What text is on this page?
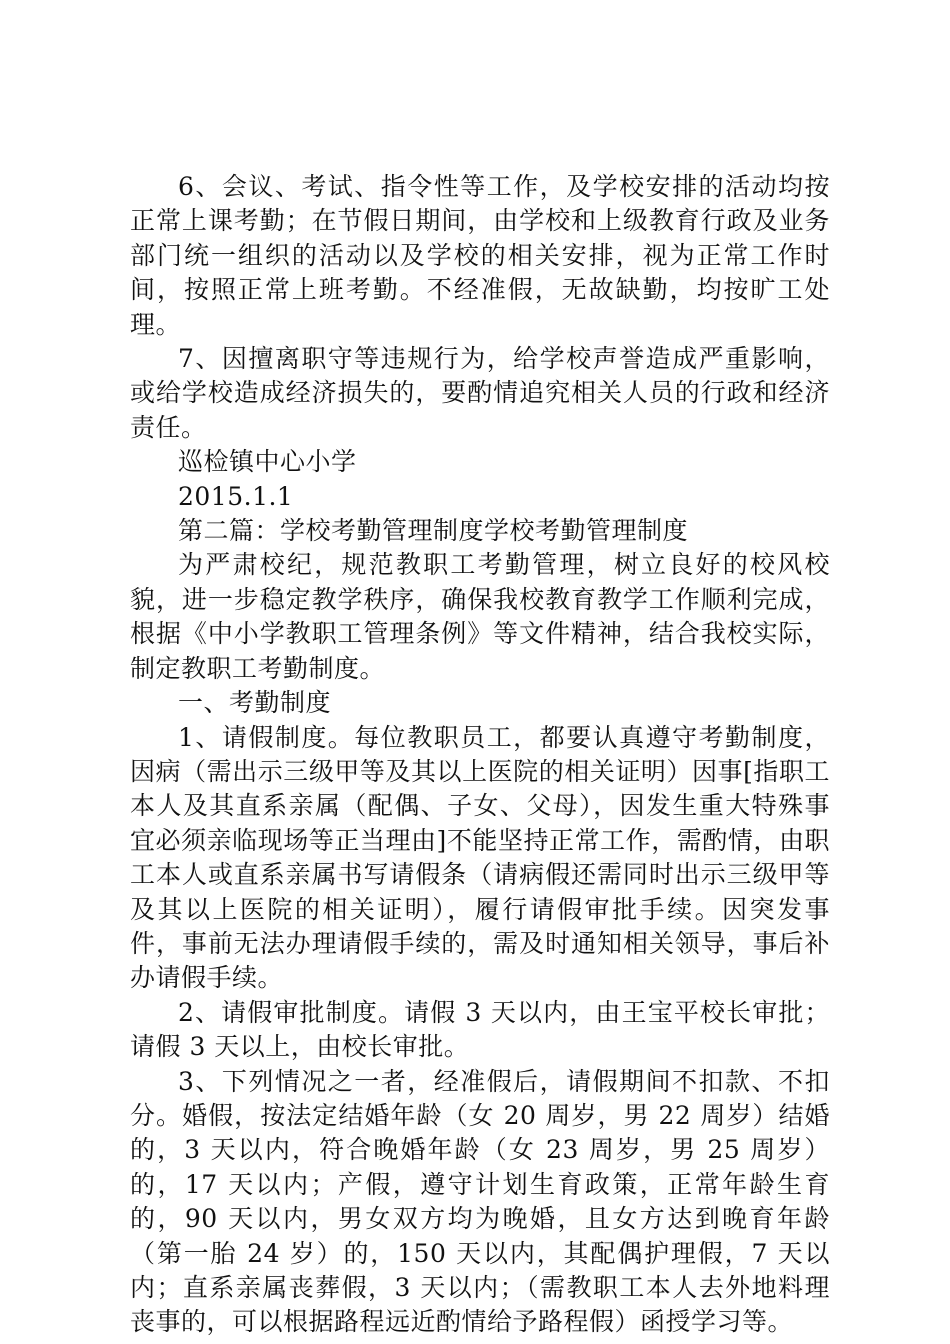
6、会议、考试、指令性等工作，及学校安排的活动均按正常上课考勤；在节假日期间，由学校和上级教育行政及业务部门统一组织的活动以及学校的相关安排，视为正常工作时间，按照正常上班考勤。不经准假，无故缺勤，均按旷工处理。

7、因擅离职守等违规行为，给学校声誉造成严重影响，或给学校造成经济损失的，要酌情追究相关人员的行政和经济责任。

巡检镇中心小学

2015.1.1

第二篇：学校考勤管理制度学校考勤管理制度

为严肃校纪，规范教职工考勤管理，树立良好的校风校貌，进一步稳定教学秩序，确保我校教育教学工作顺利完成，根据《中小学教职工管理条例》等文件精神，结合我校实际，制定教职工考勤制度。

一、考勤制度

1、请假制度。每位教职员工，都要认真遵守考勤制度，因病（需出示三级甲等及其以上医院的相关证明）因事[指职工本人及其直系亲属（配偶、子女、父母），因发生重大特殊事宜必须亲临现场等正当理由]不能坚持正常工作，需酌情，由职工本人或直系亲属书写请假条（请病假还需同时出示三级甲等及其以上医院的相关证明），履行请假审批手续。因突发事件，事前无法办理请假手续的，需及时通知相关领导，事后补办请假手续。

2、请假审批制度。请假 3 天以内，由王宝平校长审批；请假 3 天以上，由校长审批。

3、下列情况之一者，经准假后，请假期间不扣款、不扣分。婚假，按法定结婚年龄（女 20 周岁，男 22 周岁）结婚的，3 天以内，符合晚婚年龄（女 23 周岁，男 25 周岁）的，17 天以内；产假，遵守计划生育政策，正常年龄生育的，90 天以内，男女双方均为晚婚，且女方达到晚育年龄（第一胎 24 岁）的，150 天以内，其配偶护理假，7 天以内；直系亲属丧葬假，3 天以内；（需教职工本人去外地料理丧事的，可以根据路程远近酌情给予路程假）函授学习等。
